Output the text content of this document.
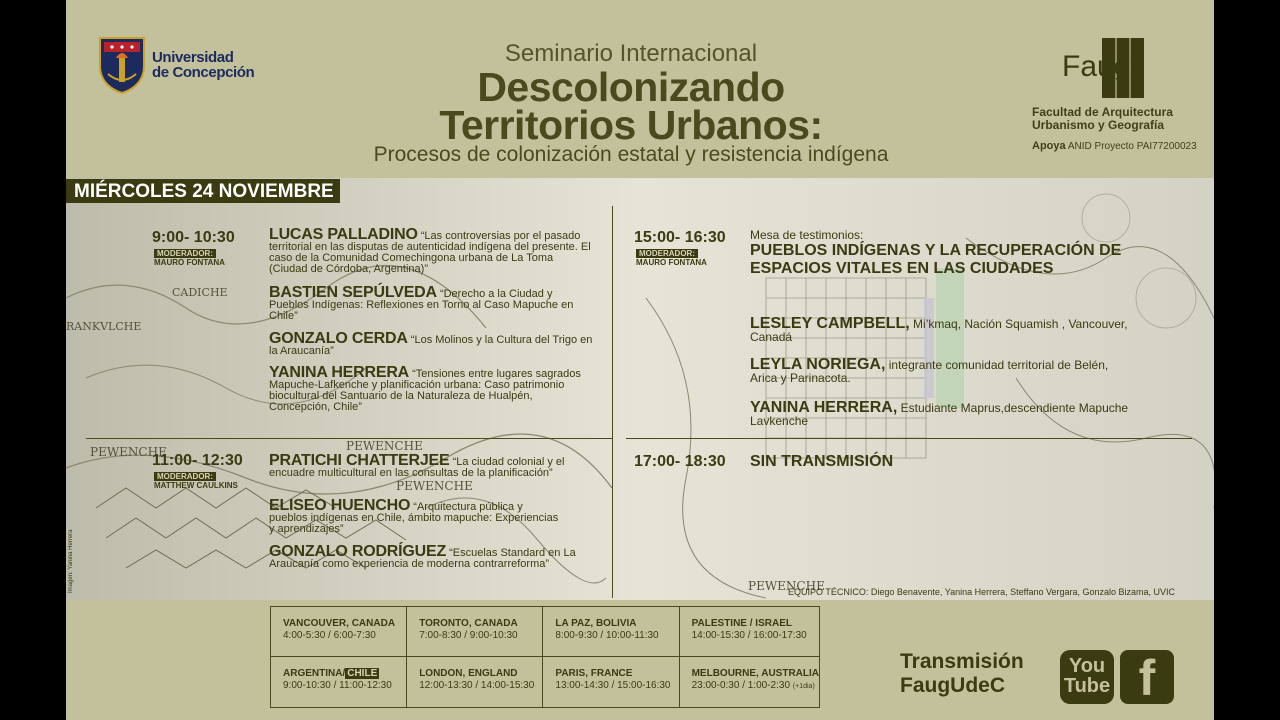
Universidad
de Concepción
Seminario Internacional
Descolonizando
Territorios Urbanos:
Procesos de colonización estatal y resistencia indígena
Faug
Facultad de Arquitectura
Urbanismo y Geografía
Apoya ANID Proyecto PAI77200023
CADICHE
RANKVLCHE
PEWENCHE	PEWENCHE
PEWENCHE
PEWENCHE
MIÉRCOLES 24 NOVIEMBRE
9:00- 10:30
MODERADOR:
MAURO FONTANA
LUCAS PALLADINO “Las controversias por el pasado territorial en las disputas de autenticidad indígena del presente. El caso de la Comunidad Comechingona urbana de La Toma (Ciudad de Córdoba, Argentina)”
BASTIEN SEPÚLVEDA “Derecho a la Ciudad y Pueblos Indígenas: Reflexiones en Torno al Caso Mapuche en Chile”
GONZALO CERDA “Los Molinos y la Cultura del Trigo en la Araucanía”
YANINA HERRERA “Tensiones entre lugares sagrados Mapuche-Lafkenche y planificación urbana: Caso patrimonio biocultural del Santuario de la Naturaleza de Hualpén, Concepción, Chile”
11:00- 12:30
MODERADOR:
MATTHEW CAULKINS
PRATICHI CHATTERJEE “La ciudad colonial y el encuadre multicultural en las consultas de la planificación”
ELISEO HUENCHO “Arquitectura pública y pueblos indígenas en Chile, ámbito mapuche: Experiencias y aprendizajes”
GONZALO RODRÍGUEZ “Escuelas Standard en La Araucanía como experiencia de moderna contrarreforma”
15:00- 16:30
MODERADOR:
MAURO FONTANA
Mesa de testimonios:
PUEBLOS INDÍGENAS Y LA RECUPERACIÓN DE ESPACIOS VITALES EN LAS CIUDADES
LESLEY CAMPBELL, Mi’kmaq, Nación Squamish , Vancouver, Canadá
LEYLA NORIEGA, integrante comunidad territorial de Belén, Arica y Parinacota.
YANINA HERRERA, Estudiante Maprus,descendiente Mapuche Lavkenche
17:00- 18:30 SIN TRANSMISIÓN
EQUIPO TÉCNICO: Diego Benavente, Yanina Herrera, Steffano Vergara, Gonzalo Bizama, UVIC
Imagen: Yanina Herrera
VANCOUVER, CANADA
4:00-5:30 / 6:00-7:30
TORONTO, CANADA
7:00-8:30 / 9:00-10:30
LA PAZ, BOLIVIA
8:00-9:30 / 10:00-11:30
PALESTINE / ISRAEL
14:00-15:30 / 16:00-17:30
ARGENTINA/ CHILE
9:00-10:30 / 11:00-12:30
LONDON, ENGLAND
12:00-13:30 / 14:00-15:30
PARIS, FRANCE
13:00-14:30 / 15:00-16:30
MELBOURNE, AUSTRALIA
23:00-0:30 / 1:00-2:30 (+1dia)
Transmisión
FaugUdeC
You
Tube f
